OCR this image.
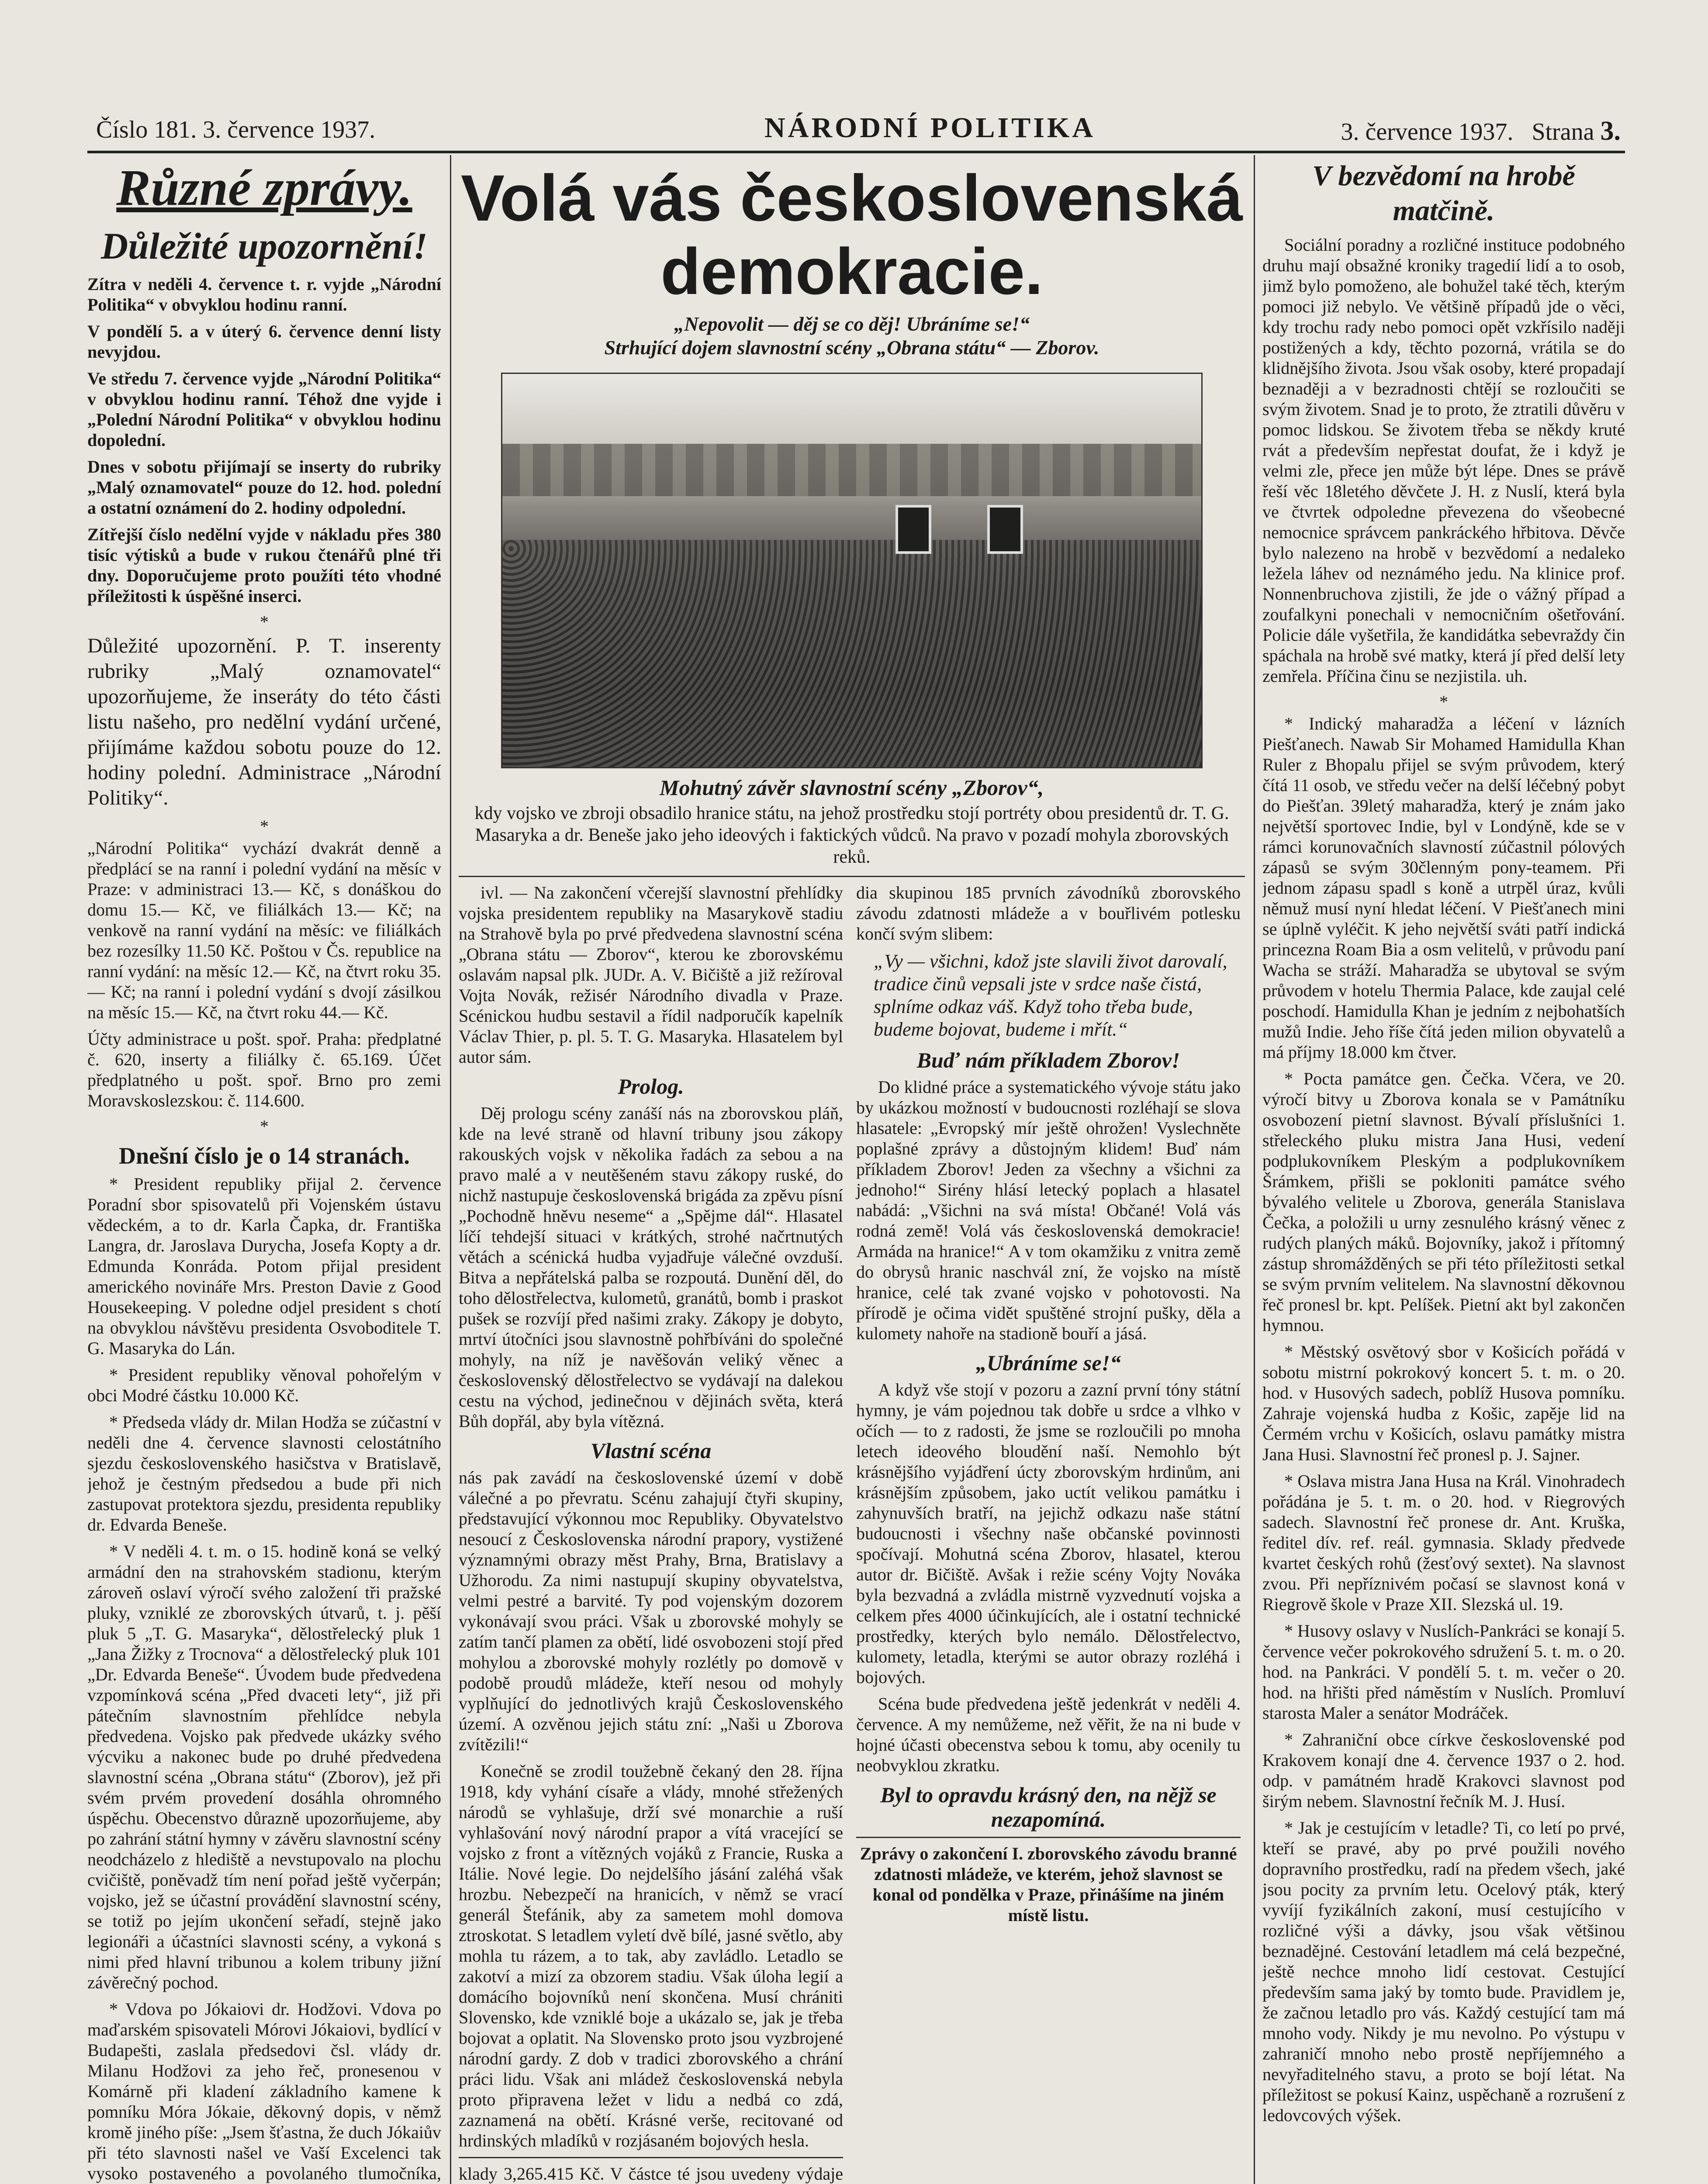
Číslo 181. 3. července 1937.	NÁRODNÍ POLITIKA	3. července 1937. Strana 3.
Různé zprávy.
Důležité upozornění!

Zítra v neděli 4. července t. r. vyjde „Národní Politika“ v obvyklou hodinu ranní.

V pondělí 5. a v úterý 6. července denní listy nevyjdou.

Ve středu 7. července vyjde „Národní Politika“ v obvyklou hodinu ranní. Téhož dne vyjde i „Polední Národní Politika“ v obvyklou hodinu dopolední.

Dnes v sobotu přijímají se inserty do rubriky „Malý oznamovatel“ pouze do 12. hod. polední a ostatní oznámení do 2. hodiny odpolední.

Zítřejší číslo nedělní vyjde v nákladu přes 380 tisíc výtisků a bude v rukou čtenářů plné tři dny. Doporučujeme proto použíti této vhodné příležitosti k úspěšné inserci.

*

Důležité upozornění. P. T. inserenty rubriky „Malý oznamovatel“ upozorňujeme, že inseráty do této části listu našeho, pro nedělní vydání určené, přijímáme každou sobotu pouze do 12. hodiny polední. Administrace „Národní Politiky“.

*

„Národní Politika“ vychází dvakrát denně a předplácí se na ranní i polední vydání na měsíc v Praze: v administraci 13.— Kč, s donáškou do domu 15.— Kč, ve filiálkách 13.— Kč; na venkově na ranní vydání na měsíc: ve filiálkách bez rozesílky 11.50 Kč. Poštou v Čs. republice na ranní vydání: na měsíc 12.— Kč, na čtvrt roku 35.— Kč; na ranní i polední vydání s dvojí zásilkou na měsíc 15.— Kč, na čtvrt roku 44.— Kč.

Účty administrace u pošt. spoř. Praha: předplatné č. 620, inserty a filiálky č. 65.169. Účet předplatného u pošt. spoř. Brno pro zemi Moravskoslezskou: č. 114.600.

*
Dnešní číslo je o 14 stranách.

* President republiky přijal 2. července Poradní sbor spisovatelů při Vojenském ústavu vědeckém, a to dr. Karla Čapka, dr. Františka Langra, dr. Jaroslava Durycha, Josefa Kopty a dr. Edmunda Konráda. Potom přijal president amerického novináře Mrs. Preston Davie z Good Housekeeping. V poledne odjel president s chotí na obvyklou návštěvu presidenta Osvoboditele T. G. Masaryka do Lán.

* President republiky věnoval pohořelým v obci Modré částku 10.000 Kč.

* Předseda vlády dr. Milan Hodža se zúčastní v neděli dne 4. července slavnosti celostátního sjezdu československého hasičstva v Bratislavě, jehož je čestným předsedou a bude při nich zastupovat protektora sjezdu, presidenta republiky dr. Edvarda Beneše.

* V neděli 4. t. m. o 15. hodině koná se velký armádní den na strahovském stadionu, kterým zároveň oslaví výročí svého založení tři pražské pluky, vzniklé ze zborovských útvarů, t. j. pěší pluk 5 „T. G. Masaryka“, dělostřelecký pluk 1 „Jana Žižky z Trocnova“ a dělostřelecký pluk 101 „Dr. Edvarda Beneše“. Úvodem bude předvedena vzpomínková scéna „Před dvaceti lety“, již při pátečním slavnostním přehlídce nebyla předvedena. Vojsko pak předvede ukázky svého výcviku a nakonec bude po druhé předvedena slavnostní scéna „Obrana státu“ (Zborov), jež při svém prvém provedení dosáhla ohromného úspěchu. Obecenstvo důrazně upozorňujeme, aby po zahrání státní hymny v závěru slavnostní scény neodcházelo z hlediště a nevstupovalo na plochu cvičiště, poněvadž tím není pořad ještě vyčerpán; vojsko, jež se účastní provádění slavnostní scény, se totiž po jejím ukončení seřadí, stejně jako legionáři a účastníci slavnosti scény, a vykoná s nimi před hlavní tribunou a kolem tribuny jižní závěrečný pochod.

* Vdova po Jókaiovi dr. Hodžovi. Vdova po maďarském spisovateli Mórovi Jókaiovi, bydlící v Budapešti, zaslala předsedovi čsl. vlády dr. Milanu Hodžovi za jeho řeč, pronesenou v Komárně při kladení základního kamene k pomníku Móra Jókaie, děkovný dopis, v němž kromě jiného píše: „Jsem šťastna, že duch Jókaiův při této slavnosti našel ve Vaší Excelenci tak vysoko postaveného a povolaného tlumočníka,

Volá vás československá demokracie.

„Nepovolit — děj se co děj! Ubráníme se!“

Strhující dojem slavnostní scény „Obrana státu“ — Zborov.

Mohutný závěr slavnostní scény „Zborov“,

kdy vojsko ve zbroji obsadilo hranice státu, na jehož prostředku stojí portréty obou presidentů dr. T. G. Masaryka a dr. Beneše jako jeho ideových i faktických vůdců. Na pravo v pozadí mohyla zborovských reků.

ivl. — Na zakončení včerejší slavnostní přehlídky vojska presidentem republiky na Masarykově stadiu na Strahově byla po prvé předvedena slavnostní scéna „Obrana státu — Zborov“, kterou ke zborovskému oslavám napsal plk. JUDr. A. V. Bičiště a již režíroval Vojta Novák, režisér Národního divadla v Praze. Scénickou hudbu sestavil a řídil nadporučík kapelník Václav Thier, p. pl. 5. T. G. Masaryka. Hlasatelem byl autor sám.

Prolog.

Děj prologu scény zanáší nás na zborovskou pláň, kde na levé straně od hlavní tribuny jsou zákopy rakouských vojsk v několika řadách za sebou a na pravo malé a v neutěšeném stavu zákopy ruské, do nichž nastupuje československá brigáda za zpěvu písní „Pochodně hněvu neseme“ a „Spějme dál“. Hlasatel líčí tehdejší situaci v krátkých, strohé načrtnutých větách a scénická hudba vyjadřuje válečné ovzduší. Bitva a nepřátelská palba se rozpoutá. Dunění děl, do toho dělostřelectva, kulometů, granátů, bomb i praskot pušek se rozvíjí před našimi zraky. Zákopy je dobyto, mrtví útočníci jsou slavnostně pohřbíváni do společné mohyly, na níž je navěšován veliký věnec a československý dělostřelectvo se vydávají na dalekou cestu na východ, jedinečnou v dějinách světa, která Bůh dopřál, aby byla vítězná.

Vlastní scéna

nás pak zavádí na československé území v době válečné a po převratu. Scénu zahajují čtyři skupiny, představující výkonnou moc Republiky. Obyvatelstvo nesoucí z Československa národní prapory, vystižené významnými obrazy měst Prahy, Brna, Bratislavy a Užhorodu. Za nimi nastupují skupiny obyvatelstva, velmi pestré a barvité. Ty pod vojenským dozorem vykonávají svou práci. Však u zborovské mohyly se zatím tančí plamen za obětí, lidé osvobozeni stojí před mohylou a zborovské mohyly rozlétly po domově v podobě proudů mládeže, kteří nesou od mohyly vyplňující do jednotlivých krajů Československého území. A ozvěnou jejich státu zní: „Naši u Zborova zvítězili!“

Konečně se zrodil toužebně čekaný den 28. října 1918, kdy vyhání císaře a vlády, mnohé střežených národů se vyhlašuje, drží své monarchie a ruší vyhlašování nový národní prapor a vítá vracející se vojsko z front a vítězných vojáků z Francie, Ruska a Itálie. Nové legie. Do nejdelšího jásání zaléhá však hrozbu. Nebezpečí na hranicích, v němž se vrací generál Štefánik, aby za sametem mohl domova ztroskotat. S letadlem vyletí dvě bílé, jasné světlo, aby mohla tu rázem, a to tak, aby zavládlo. Letadlo se zakotví a mizí za obzorem stadiu. Však úloha legií a domácího bojovníků není skončena. Musí chrániti Slovensko, kde vzniklé boje a ukázalo se, jak je třeba bojovat a oplatit. Na Slovensko proto jsou vyzbrojené národní gardy. Z dob v tradici zborovského a chrání práci lidu. Však ani mládež československá nebyla proto připravena ležet v lidu a nedbá co zdá, zaznamená na obětí. Krásné verše, recitované od hrdinských mladíků v rozjásaném bojových hesla.

klady 3,265.415 Kč. V částce té jsou uvedeny výdaje

dia skupinou 185 prvních závodníků zborovského závodu zdatnosti mládeže a v bouřlivém potlesku končí svým slibem:

„Vy — všichni, kdož jste slavili život darovalí, tradice činů vepsali jste v srdce naše čistá, splníme odkaz váš. Když toho třeba bude, budeme bojovat, budeme i mřít.“

Buď nám příkladem Zborov!

Do klidné práce a systematického vývoje státu jako by ukázkou možností v budoucnosti rozléhají se slova hlasatele: „Evropský mír ještě ohrožen! Vyslechněte poplašné zprávy a důstojným klidem! Buď nám příkladem Zborov! Jeden za všechny a všichni za jednoho!“ Sirény hlásí letecký poplach a hlasatel nabádá: „Všichni na svá místa! Občané! Volá vás rodná země! Volá vás československá demokracie! Armáda na hranice!“ A v tom okamžiku z vnitra země do obrysů hranic naschvál zní, že vojsko na místě hranice, celé tak zvané vojsko v pohotovosti. Na přírodě je očima vidět spuštěné strojní pušky, děla a kulomety nahoře na stadioně bouří a jásá.

„Ubráníme se!“

A když vše stojí v pozoru a zazní první tóny státní hymny, je vám pojednou tak dobře u srdce a vlhko v očích — to z radosti, že jsme se rozloučili po mnoha letech ideového bloudění naší. Nemohlo být krásnějšího vyjádření úcty zborovským hrdinům, ani krásnějším způsobem, jako uctít velikou památku i zahynuvších bratří, na jejichž odkazu naše státní budoucnosti i všechny naše občanské povinnosti spočívají. Mohutná scéna Zborov, hlasatel, kterou autor dr. Bičiště. Avšak i režie scény Vojty Nováka byla bezvadná a zvládla mistrně vyzvednutí vojska a celkem přes 4000 účinkujících, ale i ostatní technické prostředky, kterých bylo nemálo. Dělostřelectvo, kulomety, letadla, kterými se autor obrazy rozléhá i bojových.

Scéna bude předvedena ještě jedenkrát v neděli 4. července. A my nemůžeme, než věřit, že na ni bude v hojné účasti obecenstva sebou k tomu, aby ocenily tu neobvyklou zkratku.

Byl to opravdu krásný den, na nějž se nezapomíná.

Zprávy o zakončení I. zborovského závodu branné zdatnosti mládeže, ve kterém, jehož slavnost se konal od pondělka v Praze, přinášíme na jiném místě listu.

V bezvědomí na hrobě matčině.

Sociální poradny a rozličné instituce podobného druhu mají obsažné kroniky tragedií lidí a to osob, jimž bylo pomoženo, ale bohužel také těch, kterým pomoci již nebylo. Ve většině případů jde o věci, kdy trochu rady nebo pomoci opět vzkřísilo naději postižených a kdy, těchto pozorná, vrátila se do klidnějšího života. Jsou však osoby, které propadají beznaději a v bezradnosti chtějí se rozloučiti se svým životem. Snad je to proto, že ztratili důvěru v pomoc lidskou. Se životem třeba se někdy kruté rvát a především nepřestat doufat, že i když je velmi zle, přece jen může být lépe. Dnes se právě řeší věc 18letého děvčete J. H. z Nuslí, která byla ve čtvrtek odpoledne převezena do všeobecné nemocnice správcem pankráckého hřbitova. Děvče bylo nalezeno na hrobě v bezvědomí a nedaleko ležela láhev od neznámého jedu. Na klinice prof. Nonnenbruchova zjistili, že jde o vážný případ a zoufalkyni ponechali v nemocničním ošetřování. Policie dále vyšetřila, že kandidátka sebevraždy čin spáchala na hrobě své matky, která jí před delší lety zemřela. Příčina činu se nezjistila. uh.

*

* Indický maharadža a léčení v lázních Piešťanech. Nawab Sir Mohamed Hamidulla Khan Ruler z Bhopalu přijel se svým průvodem, který čítá 11 osob, ve středu večer na delší léčebný pobyt do Piešťan. 39letý maharadža, který je znám jako největší sportovec Indie, byl v Londýně, kde se v rámci korunovačních slavností zúčastnil pólových zápasů se svým 30členným pony-teamem. Při jednom zápasu spadl s koně a utrpěl úraz, kvůli němuž musí nyní hledat léčení. V Piešťanech mini se úplně vyléčit. K jeho největší sváti patří indická princezna Roam Bia a osm velitelů, v průvodu paní Wacha se stráží. Maharadža se ubytoval se svým průvodem v hotelu Thermia Palace, kde zaujal celé poschodí. Hamidulla Khan je jedním z nejbohatších mužů Indie. Jeho říše čítá jeden milion obyvatelů a má příjmy 18.000 km čtver.

* Pocta památce gen. Čečka. Včera, ve 20. výročí bitvy u Zborova konala se v Památníku osvobození pietní slavnost. Bývalí příslušníci 1. střeleckého pluku mistra Jana Husi, vedení podplukovníkem Pleským a podplukovníkem Šrámkem, přišli se pokloniti památce svého bývalého velitele u Zborova, generála Stanislava Čečka, a položili u urny zesnulého krásný věnec z rudých planých máků. Bojovníky, jakož i přítomný zástup shromážděných se při této příležitosti setkal se svým prvním velitelem. Na slavnostní děkovnou řeč pronesl br. kpt. Pelíšek. Pietní akt byl zakončen hymnou.

* Městský osvětový sbor v Košicích pořádá v sobotu mistrní pokrokový koncert 5. t. m. o 20. hod. v Husových sadech, poblíž Husova pomníku. Zahraje vojenská hudba z Košic, zapěje lid na Čermém vrchu v Košicích, oslavu památky mistra Jana Husi. Slavnostní řeč pronesl p. J. Sajner.

* Oslava mistra Jana Husa na Král. Vinohradech pořádána je 5. t. m. o 20. hod. v Riegrových sadech. Slavnostní řeč pronese dr. Ant. Kruška, ředitel dív. ref. reál. gymnasia. Sklady předvede kvartet českých rohů (žesťový sextet). Na slavnost zvou. Při nepříznivém počasí se slavnost koná v Riegrově škole v Praze XII. Slezská ul. 19.

* Husovy oslavy v Nuslích-Pankráci se konají 5. července večer pokrokového sdružení 5. t. m. o 20. hod. na Pankráci. V pondělí 5. t. m. večer o 20. hod. na hřišti před náměstím v Nuslích. Promluví starosta Maler a senátor Modráček.

* Zahraniční obce církve československé pod Krakovem konají dne 4. července 1937 o 2. hod. odp. v památném hradě Krakovci slavnost pod širým nebem. Slavnostní řečník M. J. Husí.

* Jak je cestujícím v letadle? Ti, co letí po prvé, kteří se pravé, aby po prvé použili nového dopravního prostředku, radí na předem všech, jaké jsou pocity za prvním letu. Ocelový pták, který vyvíjí fyzikálních zakoní, musí cestujícího v rozličné výši a dávky, jsou však většinou beznadějné. Cestování letadlem má celá bezpečné, ještě nechce mnoho lidí cestovat. Cestující především sama jaký by tomto bude. Pravidlem je, že začnou letadlo pro vás. Každý cestující tam má mnoho vody. Nikdy je mu nevolno. Po výstupu v zahraničí mnoho nebo prostě nepříjemného a nevyřaditelného stavu, a proto se bojí létat. Na příležitost se pokusí Kainz, uspěchaně a rozrušení z ledovcových výšek.
